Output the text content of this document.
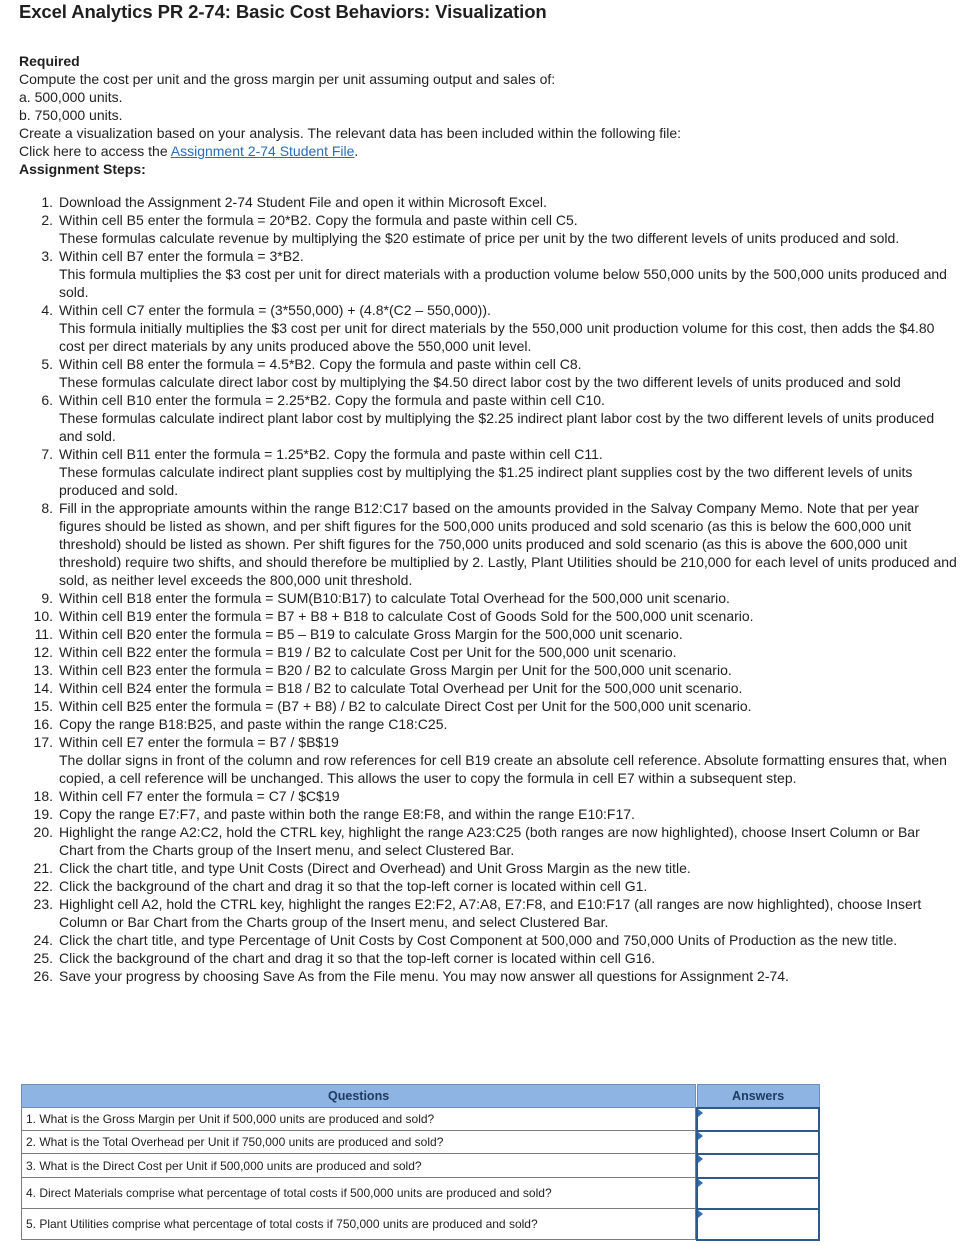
Excel Analytics PR 2-74: Basic Cost Behaviors: Visualization
Required
Compute the cost per unit and the gross margin per unit assuming output and sales of:
a. 500,000 units.
b. 750,000 units.
Create a visualization based on your analysis. The relevant data has been included within the following file:
Click here to access the Assignment 2-74 Student File.
Assignment Steps:
1. Download the Assignment 2-74 Student File and open it within Microsoft Excel.
2. Within cell B5 enter the formula = 20*B2. Copy the formula and paste within cell C5.
These formulas calculate revenue by multiplying the $20 estimate of price per unit by the two different levels of units produced and sold.
3. Within cell B7 enter the formula = 3*B2.
This formula multiplies the $3 cost per unit for direct materials with a production volume below 550,000 units by the 500,000 units produced and sold.
4. Within cell C7 enter the formula = (3*550,000) + (4.8*(C2 – 550,000)).
This formula initially multiplies the $3 cost per unit for direct materials by the 550,000 unit production volume for this cost, then adds the $4.80 cost per direct materials by any units produced above the 550,000 unit level.
5. Within cell B8 enter the formula = 4.5*B2. Copy the formula and paste within cell C8.
These formulas calculate direct labor cost by multiplying the $4.50 direct labor cost by the two different levels of units produced and sold
6. Within cell B10 enter the formula = 2.25*B2. Copy the formula and paste within cell C10.
These formulas calculate indirect plant labor cost by multiplying the $2.25 indirect plant labor cost by the two different levels of units produced and sold.
7. Within cell B11 enter the formula = 1.25*B2. Copy the formula and paste within cell C11.
These formulas calculate indirect plant supplies cost by multiplying the $1.25 indirect plant supplies cost by the two different levels of units produced and sold.
8. Fill in the appropriate amounts within the range B12:C17 based on the amounts provided in the Salvay Company Memo. Note that per year figures should be listed as shown, and per shift figures for the 500,000 units produced and sold scenario (as this is below the 600,000 unit threshold) should be listed as shown. Per shift figures for the 750,000 units produced and sold scenario (as this is above the 600,000 unit threshold) require two shifts, and should therefore be multiplied by 2. Lastly, Plant Utilities should be 210,000 for each level of units produced and sold, as neither level exceeds the 800,000 unit threshold.
9. Within cell B18 enter the formula = SUM(B10:B17) to calculate Total Overhead for the 500,000 unit scenario.
10. Within cell B19 enter the formula = B7 + B8 + B18 to calculate Cost of Goods Sold for the 500,000 unit scenario.
11. Within cell B20 enter the formula = B5 – B19 to calculate Gross Margin for the 500,000 unit scenario.
12. Within cell B22 enter the formula = B19 / B2 to calculate Cost per Unit for the 500,000 unit scenario.
13. Within cell B23 enter the formula = B20 / B2 to calculate Gross Margin per Unit for the 500,000 unit scenario.
14. Within cell B24 enter the formula = B18 / B2 to calculate Total Overhead per Unit for the 500,000 unit scenario.
15. Within cell B25 enter the formula = (B7 + B8) / B2 to calculate Direct Cost per Unit for the 500,000 unit scenario.
16. Copy the range B18:B25, and paste within the range C18:C25.
17. Within cell E7 enter the formula = B7 / $B$19
The dollar signs in front of the column and row references for cell B19 create an absolute cell reference. Absolute formatting ensures that, when copied, a cell reference will be unchanged. This allows the user to copy the formula in cell E7 within a subsequent step.
18. Within cell F7 enter the formula = C7 / $C$19
19. Copy the range E7:F7, and paste within both the range E8:F8, and within the range E10:F17.
20. Highlight the range A2:C2, hold the CTRL key, highlight the range A23:C25 (both ranges are now highlighted), choose Insert Column or Bar Chart from the Charts group of the Insert menu, and select Clustered Bar.
21. Click the chart title, and type Unit Costs (Direct and Overhead) and Unit Gross Margin as the new title.
22. Click the background of the chart and drag it so that the top-left corner is located within cell G1.
23. Highlight cell A2, hold the CTRL key, highlight the ranges E2:F2, A7:A8, E7:F8, and E10:F17 (all ranges are now highlighted), choose Insert Column or Bar Chart from the Charts group of the Insert menu, and select Clustered Bar.
24. Click the chart title, and type Percentage of Unit Costs by Cost Component at 500,000 and 750,000 Units of Production as the new title.
25. Click the background of the chart and drag it so that the top-left corner is located within cell G16.
26. Save your progress by choosing Save As from the File menu. You may now answer all questions for Assignment 2-74.
Questions		Answers
1. What is the Gross Margin per Unit if 500,000 units are produced and sold?		

2. What is the Total Overhead per Unit if 750,000 units are produced and sold?		

3. What is the Direct Cost per Unit if 500,000 units are produced and sold?		

4. Direct Materials comprise what percentage of total costs if 500,000 units are produced and sold?		

5. Plant Utilities comprise what percentage of total costs if 750,000 units are produced and sold?		
